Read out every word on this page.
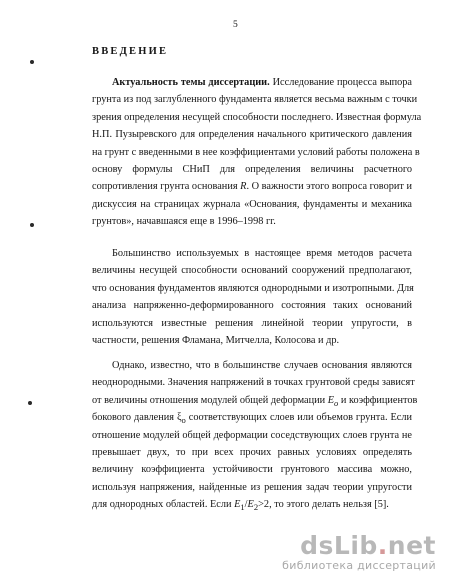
5
ВВЕДЕНИЕ
Актуальность темы диссертации. Исследование процесса выпора
грунта из под заглубленного фундамента является весьма важным с точки
зрения определения несущей способности последнего. Известная формула
Н.П. Пузыревского для определения начального критического давления
на грунт с введенными в нее коэффициентами условий работы положена в
основу формулы СНиП для определения величины расчетного
сопротивления грунта основания R. О важности этого вопроса говорит и
дискуссия на страницах журнала «Основания, фундаменты и механика
грунтов», начавшаяся еще в 1996–1998 гг.
Большинство используемых в настоящее время методов расчета
величины несущей способности оснований сооружений предполагают,
что основания фундаментов являются однородными и изотропными. Для
анализа напряженно-деформированного состояния таких оснований
используются известные решения линейной теории упругости, в
частности, решения Фламана, Митчелла, Колосова и др.
Однако, известно, что в большинстве случаев основания являются
неоднородными. Значения напряжений в точках грунтовой среды зависят
от величины отношения модулей общей деформации $E_o$ и коэффициентов
бокового давления $\xi_o$ соответствующих слоев или объемов грунта. Если
отношение модулей общей деформации соседствующих слоев грунта не
превышает двух, то при всех прочих равных условиях определять
величину коэффициента устойчивости грунтового массива можно,
используя напряжения, найденные из решения задач теории упругости
для однородных областей. Если $E_1/E_2>2$, то этого делать нельзя [5].
dsLib.net
библиотека диссертаций
